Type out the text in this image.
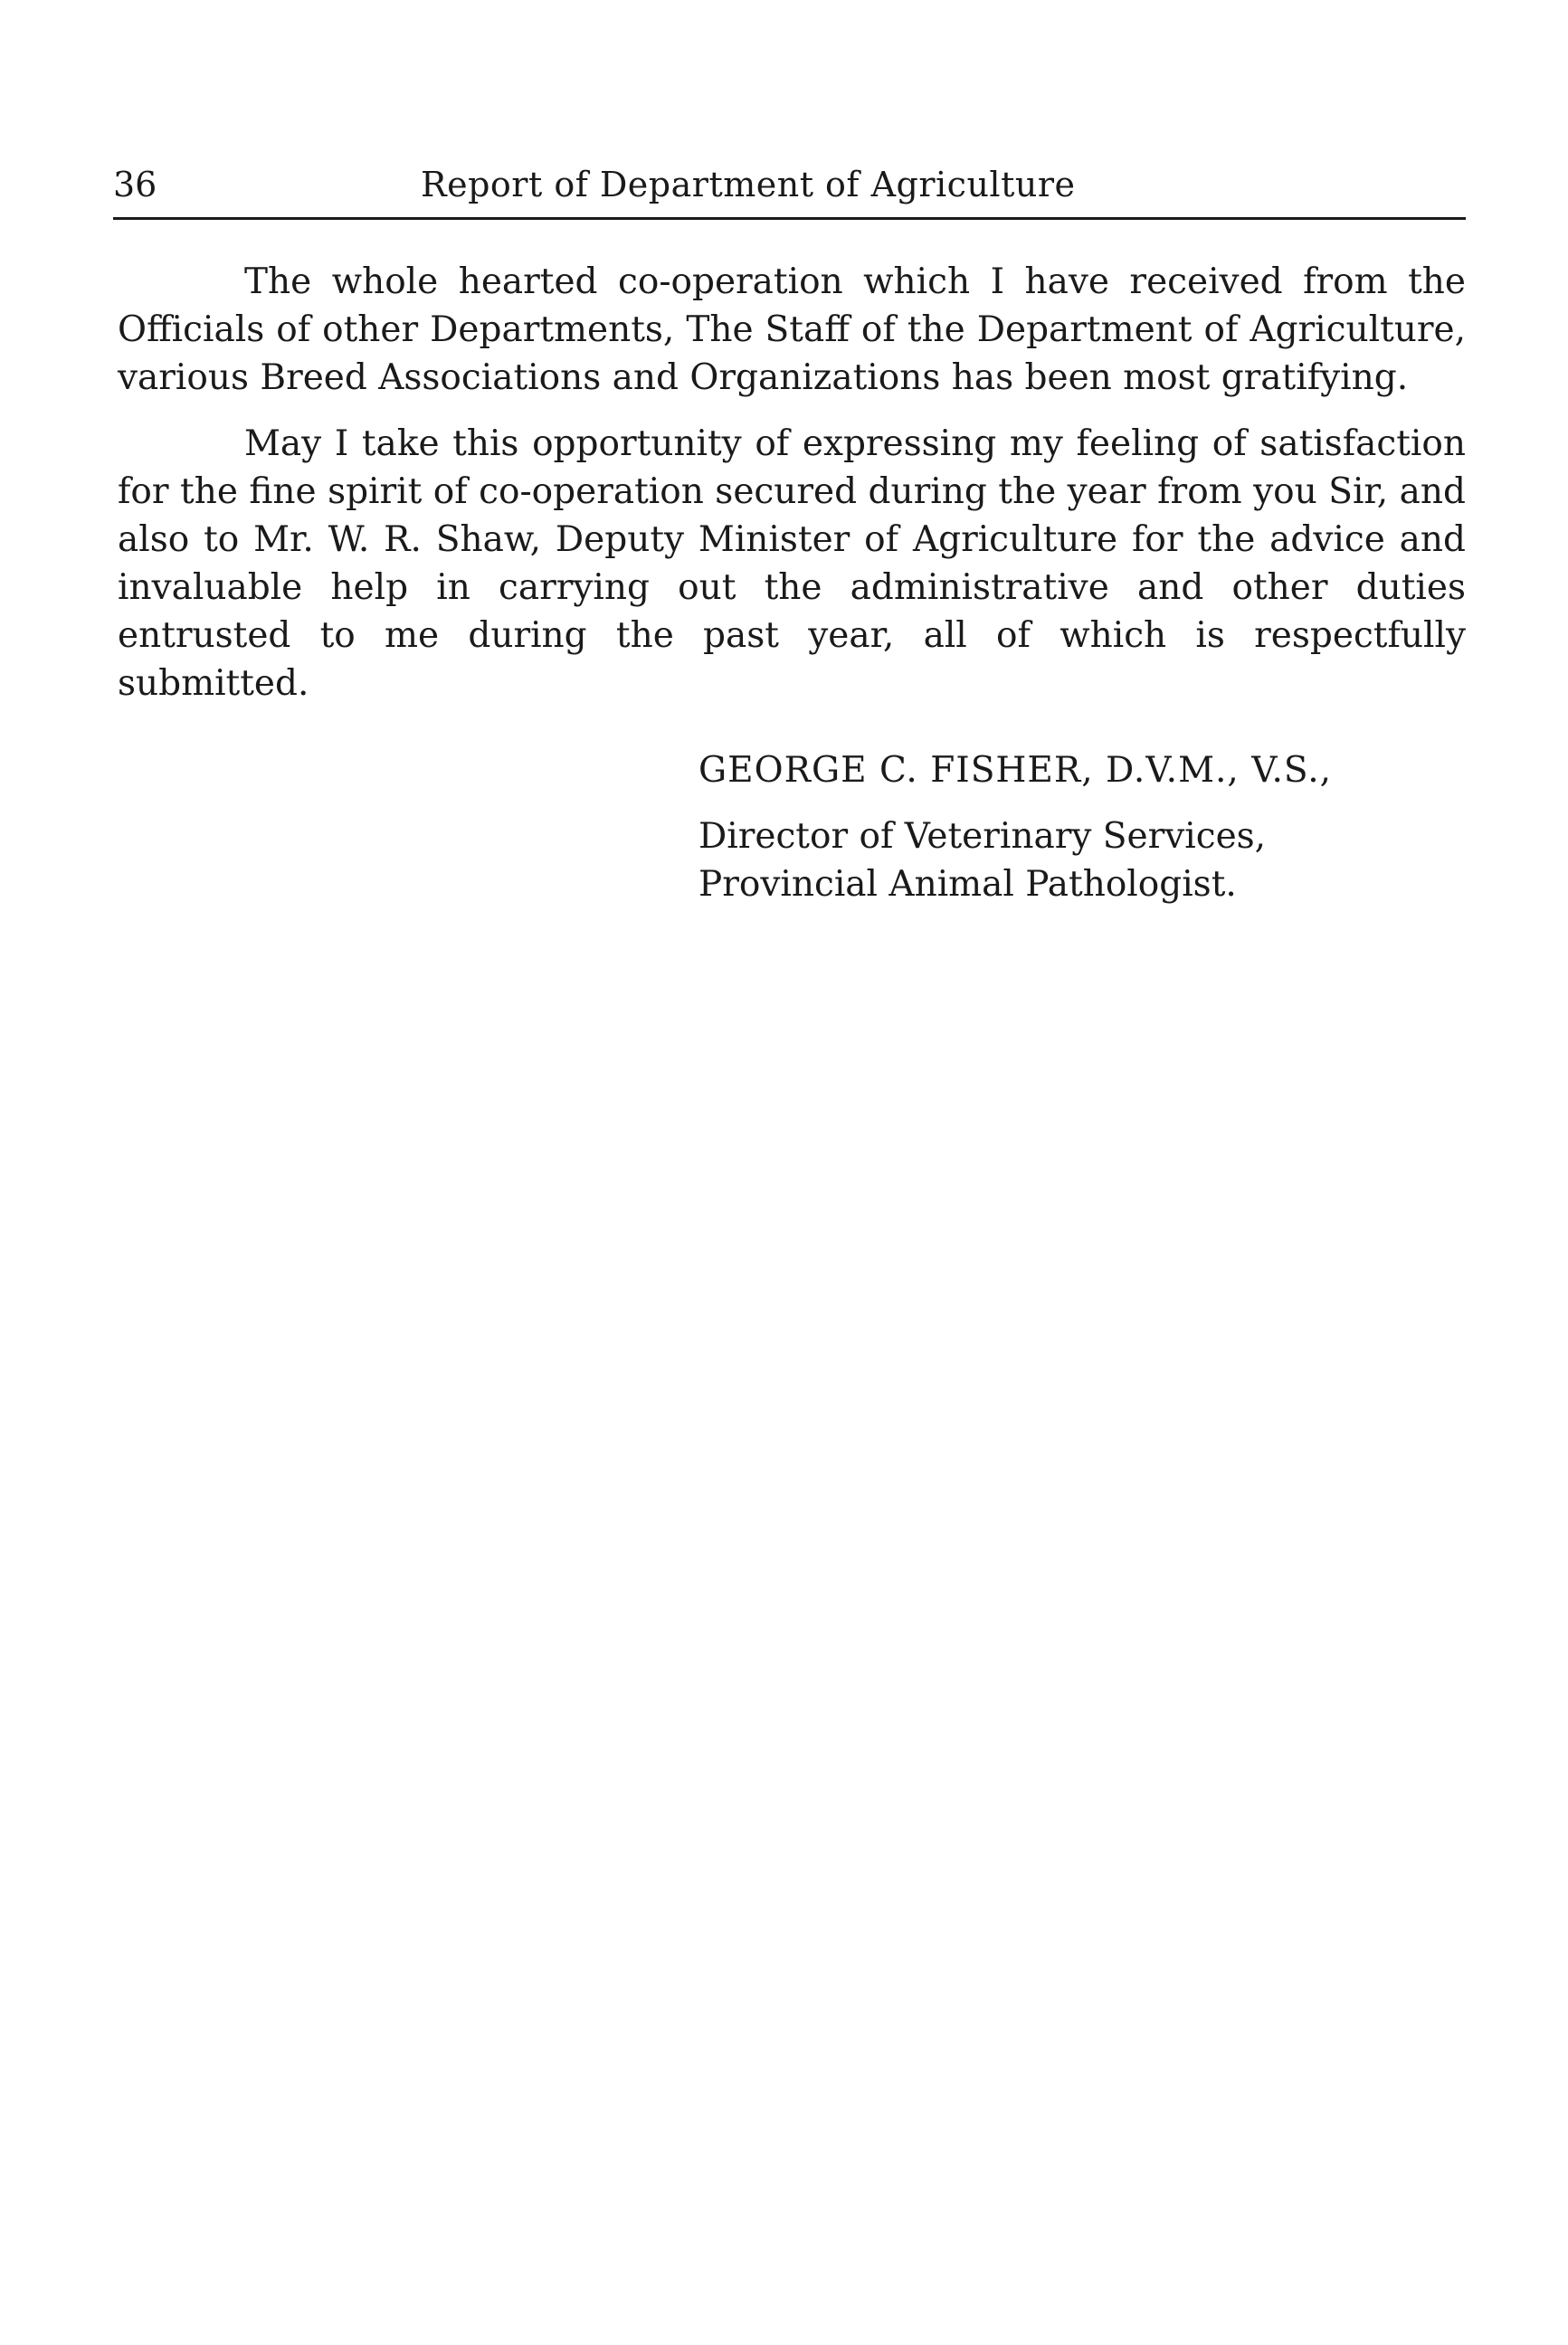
36	Report of Department of Agriculture

The whole hearted co-operation which I have received from the Officials of other Departments, The Staff of the Department of Agriculture, various Breed Associations and Organizations has been most gratifying.

May I take this opportunity of expressing my feeling of satisfaction for the fine spirit of co-operation secured during the year from you Sir, and also to Mr. W. R. Shaw, Deputy Minister of Agriculture for the advice and invaluable help in carrying out the administrative and other duties entrusted to me during the past year, all of which is respectfully submitted.

GEORGE C. FISHER, D.V.M., V.S.,

Director of Veterinary Services,

Provincial Animal Pathologist.
